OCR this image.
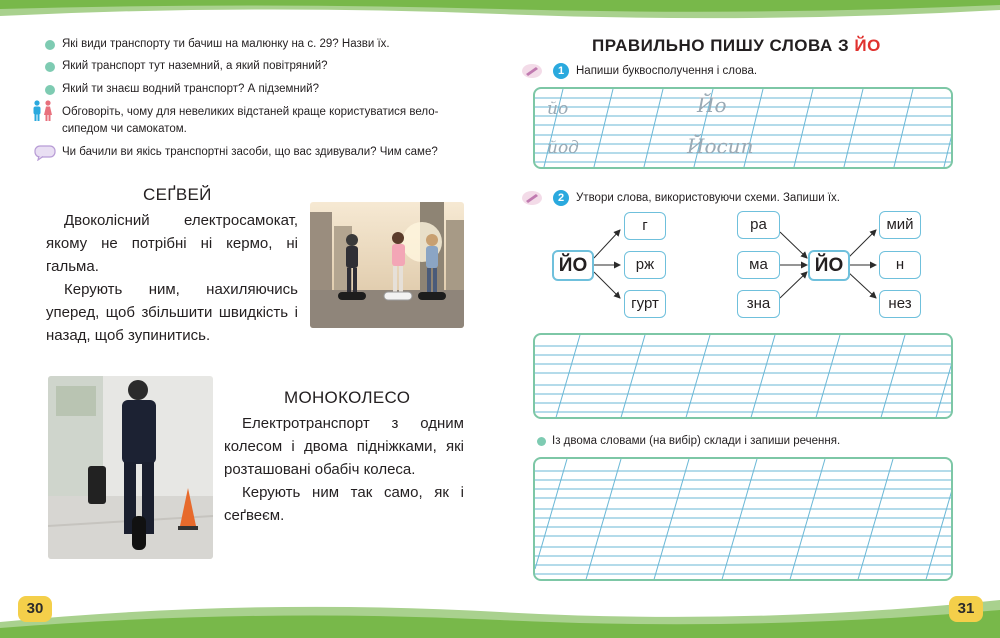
Які види транспорту ти бачиш на малюнку на с. 29? Назви їх.
Який транспорт тут наземний, а який повітряний?
Який ти знаєш водний транспорт? А підземний?
Обговоріть, чому для невеликих відстаней краще користуватися вело-
сипедом чи самокатом.
Чи бачили ви якісь транспортні засоби, що вас здивували? Чим саме?
СЕҐВЕЙ

Двоколісний електросамокат, якому не потрібні ні кермо, ні гальма.

Керують ним, нахиляючись уперед, щоб збільшити швидкість і назад, щоб зупинитись.

МОНОКОЛЕСО

Електротранспорт з одним колесом і двома підніжками, які розташовані обабіч колеса.

Керують ним так само, як і сеґвеєм.

ПРАВИЛЬНО ПИШУ СЛОВА З ЙО
1	Напиши буквосполучення і слова.
йо	Йо
йод	Йосип
2	Утвори слова, використовуючи схеми. Запиши їх.
ЙО
г
рж
гурт
ра
ма
зна
ЙО
мий
н
нез
Із двома словами (на вибір) склади і запиши речення.
30	31
